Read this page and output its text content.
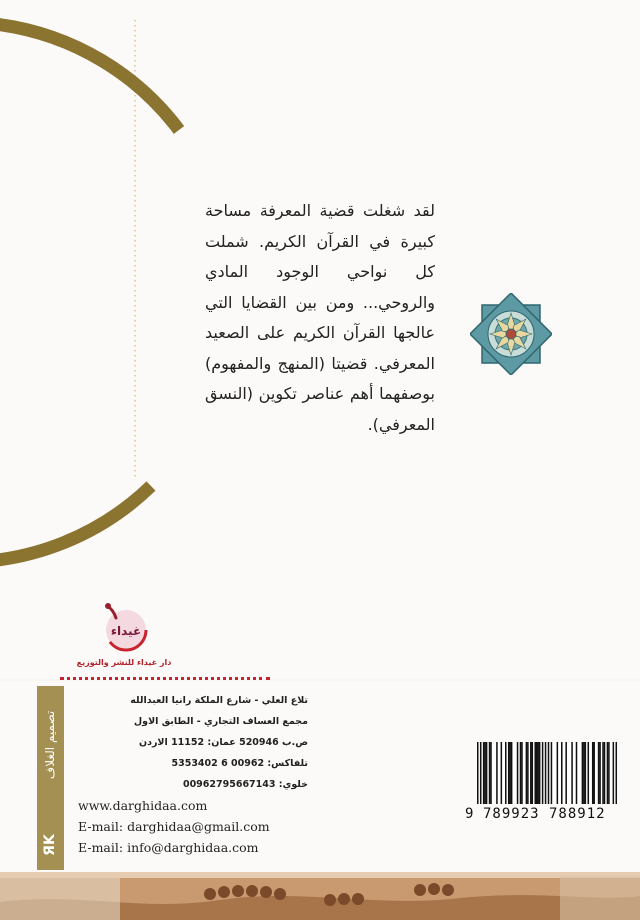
لقد شغلت قضية المعرفة مساحة كبيرة في القرآن الكريم. شملت كل نواحي الوجود المادي والروحي... ومن بين القضايا التي عالجها القرآن الكريم على الصعيد المعرفي. قضيتا (المنهج والمفهوم) بوصفهما أهم عناصر تكوين (النسق المعرفي).

غيداء
دار غيداء للنشر والتوزيع
تصميم الغلاف
ЯK
تلاع العلي - شارع الملكة رانيا العبدالله
مجمع العساف التجاري - الطابق الاول
ص.ب 520946 عمان: 11152 الاردن
تلفاكس: 00962 6 5353402
خلوي: 00962795667143
www.darghidaa.com
E-mail: darghidaa@gmail.com
E-mail: info@darghidaa.com
9 789923 788912
